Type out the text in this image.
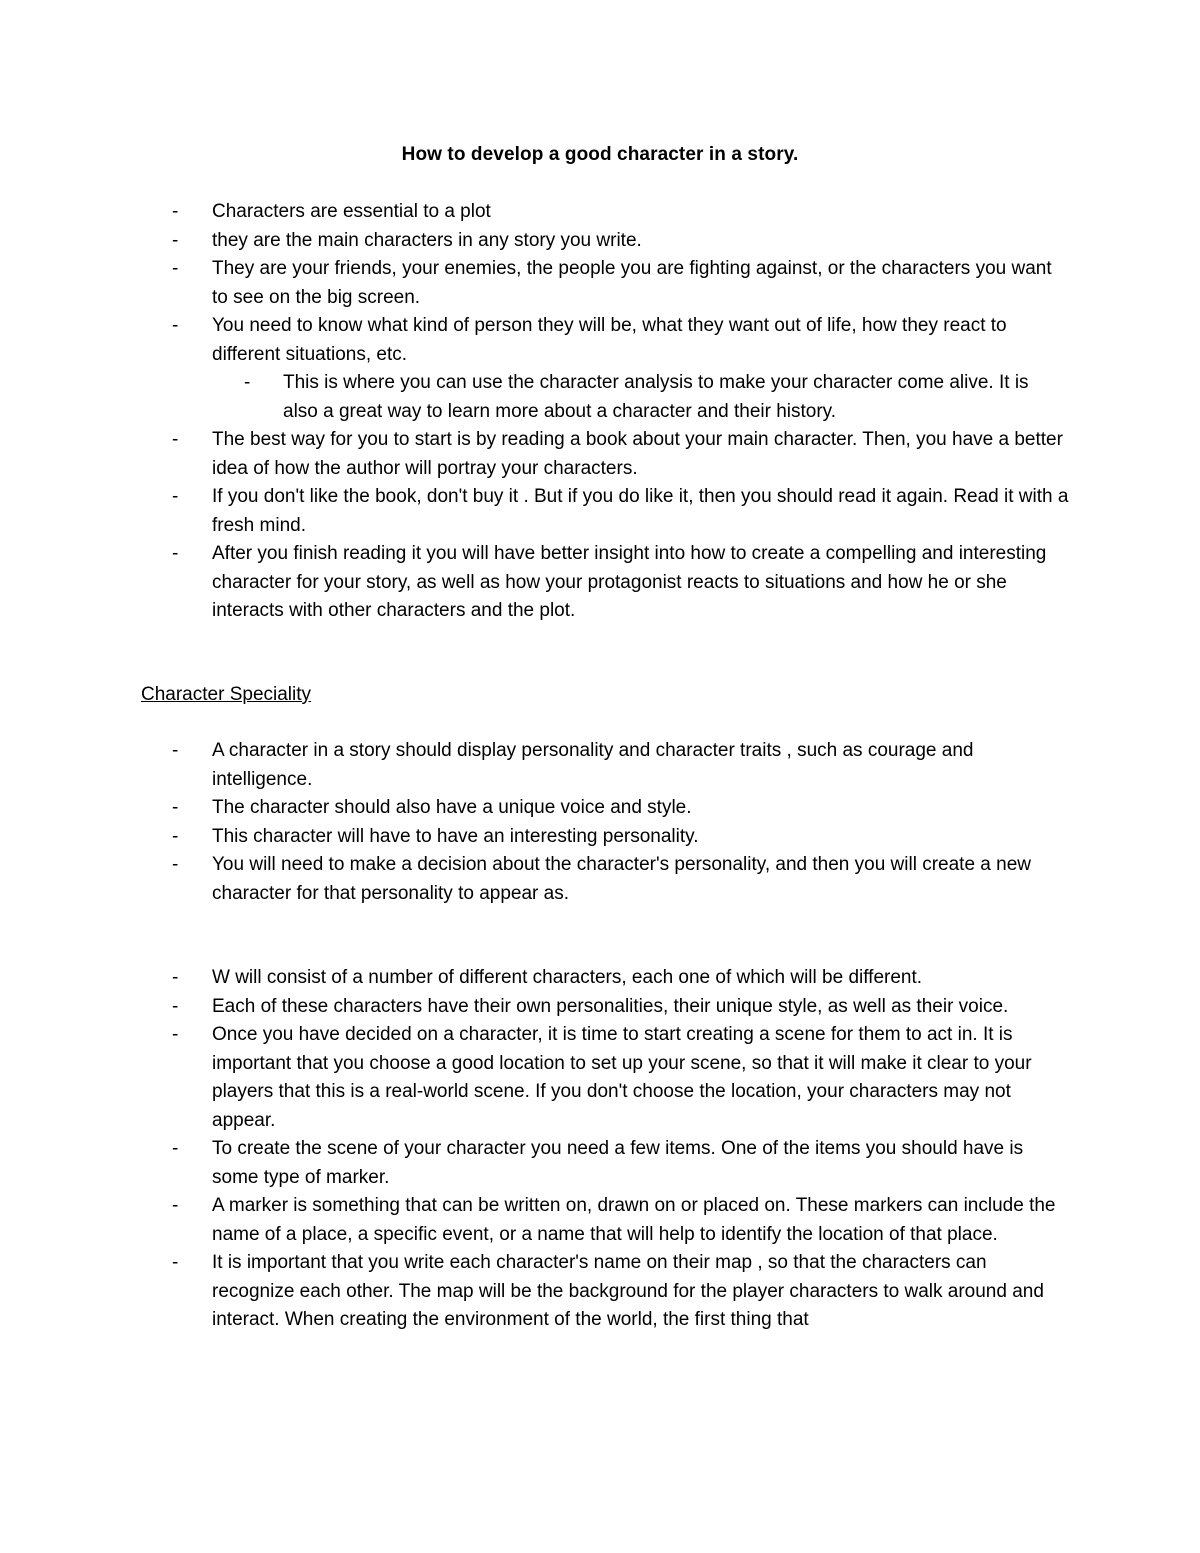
How to develop a good character in a story.
- Characters are essential to a plot
- they are the main characters in any story you write.
- They are your friends, your enemies, the people you are fighting against, or the characters you want to see on the big screen.
- You need to know what kind of person they will be, what they want out of life, how they react to different situations, etc.
- This is where you can use the character analysis to make your character come alive. It is also a great way to learn more about a character and their history.
- The best way for you to start is by reading a book about your main character. Then, you have a better idea of how the author will portray your characters.
- If you don't like the book, don't buy it . But if you do like it, then you should read it again. Read it with a fresh mind.
- After you finish reading it you will have better insight into how to create a compelling and interesting character for your story, as well as how your protagonist reacts to situations and how he or she interacts with other characters and the plot.
Character Speciality
- A character in a story should display personality and character traits , such as courage and intelligence.
- The character should also have a unique voice and style.
- This character will have to have an interesting personality.
- You will need to make a decision about the character's personality, and then you will create a new character for that personality to appear as.
- W will consist of a number of different characters, each one of which will be different.
- Each of these characters have their own personalities, their unique style, as well as their voice.
- Once you have decided on a character, it is time to start creating a scene for them to act in. It is important that you choose a good location to set up your scene, so that it will make it clear to your players that this is a real-world scene. If you don't choose the location, your characters may not appear.
- To create the scene of your character you need a few items. One of the items you should have is some type of marker.
- A marker is something that can be written on, drawn on or placed on. These markers can include the name of a place, a specific event, or a name that will help to identify the location of that place.
- It is important that you write each character's name on their map , so that the characters can recognize each other. The map will be the background for the player characters to walk around and interact. When creating the environment of the world, the first thing that
